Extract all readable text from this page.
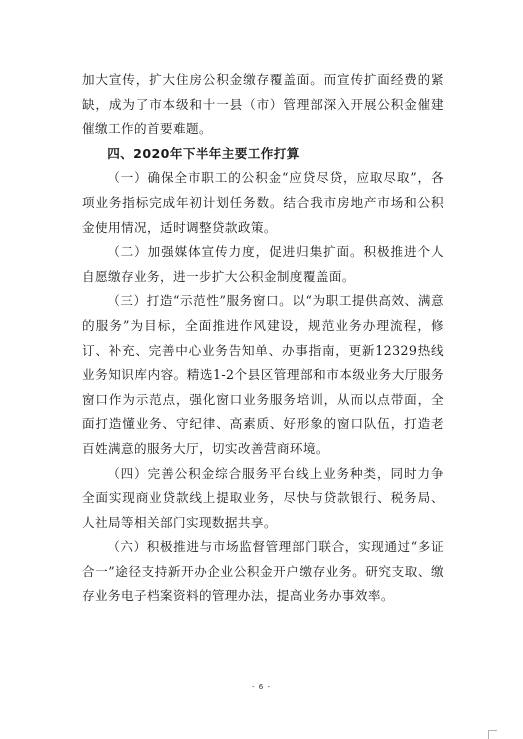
加大宣传，扩大住房公积金缴存覆盖面。而宣传扩面经费的紧缺，成为了市本级和十一县（市）管理部深入开展公积金催建催缴工作的首要难题。

四、2020年下半年主要工作打算

（一）确保全市职工的公积金“应贷尽贷，应取尽取”，各项业务指标完成年初计划任务数。结合我市房地产市场和公积金使用情况，适时调整贷款政策。

（二）加强媒体宣传力度，促进归集扩面。积极推进个人自愿缴存业务，进一步扩大公积金制度覆盖面。

（三）打造“示范性”服务窗口。以“为职工提供高效、满意的服务”为目标，全面推进作风建设，规范业务办理流程，修订、补充、完善中心业务告知单、办事指南，更新12329热线业务知识库内容。精选1-2个县区管理部和市本级业务大厅服务窗口作为示范点，强化窗口业务服务培训，从而以点带面，全面打造懂业务、守纪律、高素质、好形象的窗口队伍，打造老百姓满意的服务大厅，切实改善营商环境。

（四）完善公积金综合服务平台线上业务种类，同时力争全面实现商业贷款线上提取业务，尽快与贷款银行、税务局、人社局等相关部门实现数据共享。

（六）积极推进与市场监督管理部门联合，实现通过“多证合一”途径支持新开办企业公积金开户缴存业务。研究支取、缴存业务电子档案资料的管理办法，提高业务办事效率。

- 6 -
